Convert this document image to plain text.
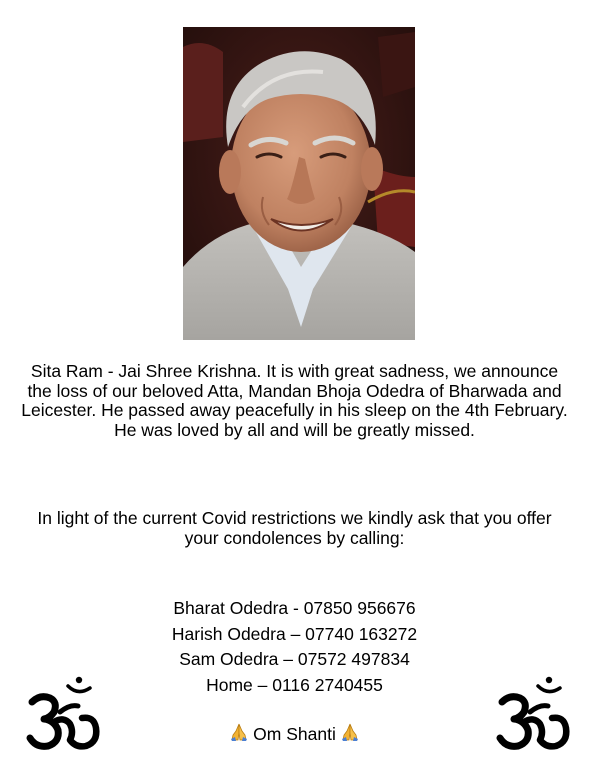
Sita Ram - Jai Shree Krishna. It is with great sadness, we announce the loss of our beloved Atta, Mandan Bhoja Odedra of Bharwada and Leicester. He passed away peacefully in his sleep on the 4th February. He was loved by all and will be greatly missed.

In light of the current Covid restrictions we kindly ask that you offer your condolences by calling:

Bharat Odedra - 07850 956676
Harish Odedra – 07740 163272
Sam Odedra – 07572 497834
Home – 0116 2740455

Om Shanti
